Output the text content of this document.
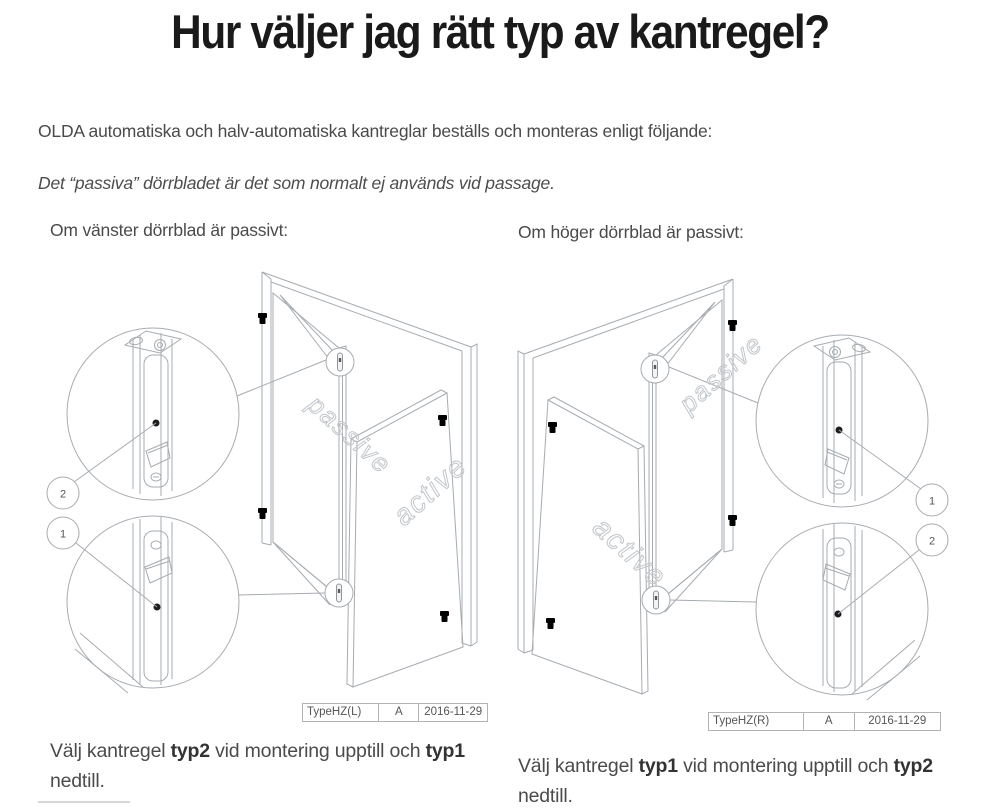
Hur väljer jag rätt typ av kantregel?

OLDA automatiska och halv-automatiska kantreglar beställs och monteras enligt följande:

Det “passiva” dörrbladet är det som normalt ej används vid passage.

Om vänster dörrblad är passivt:	Om höger dörrblad är passivt:
passive
active
2
1
passive
active
1
2
TypeHZ(L)	A	2016-11-29
TypeHZ(R)	A	2016-11-29
Välj kantregel typ2 vid montering upptill och typ1 nedtill.
Välj kantregel typ1 vid montering upptill och typ2 nedtill.
